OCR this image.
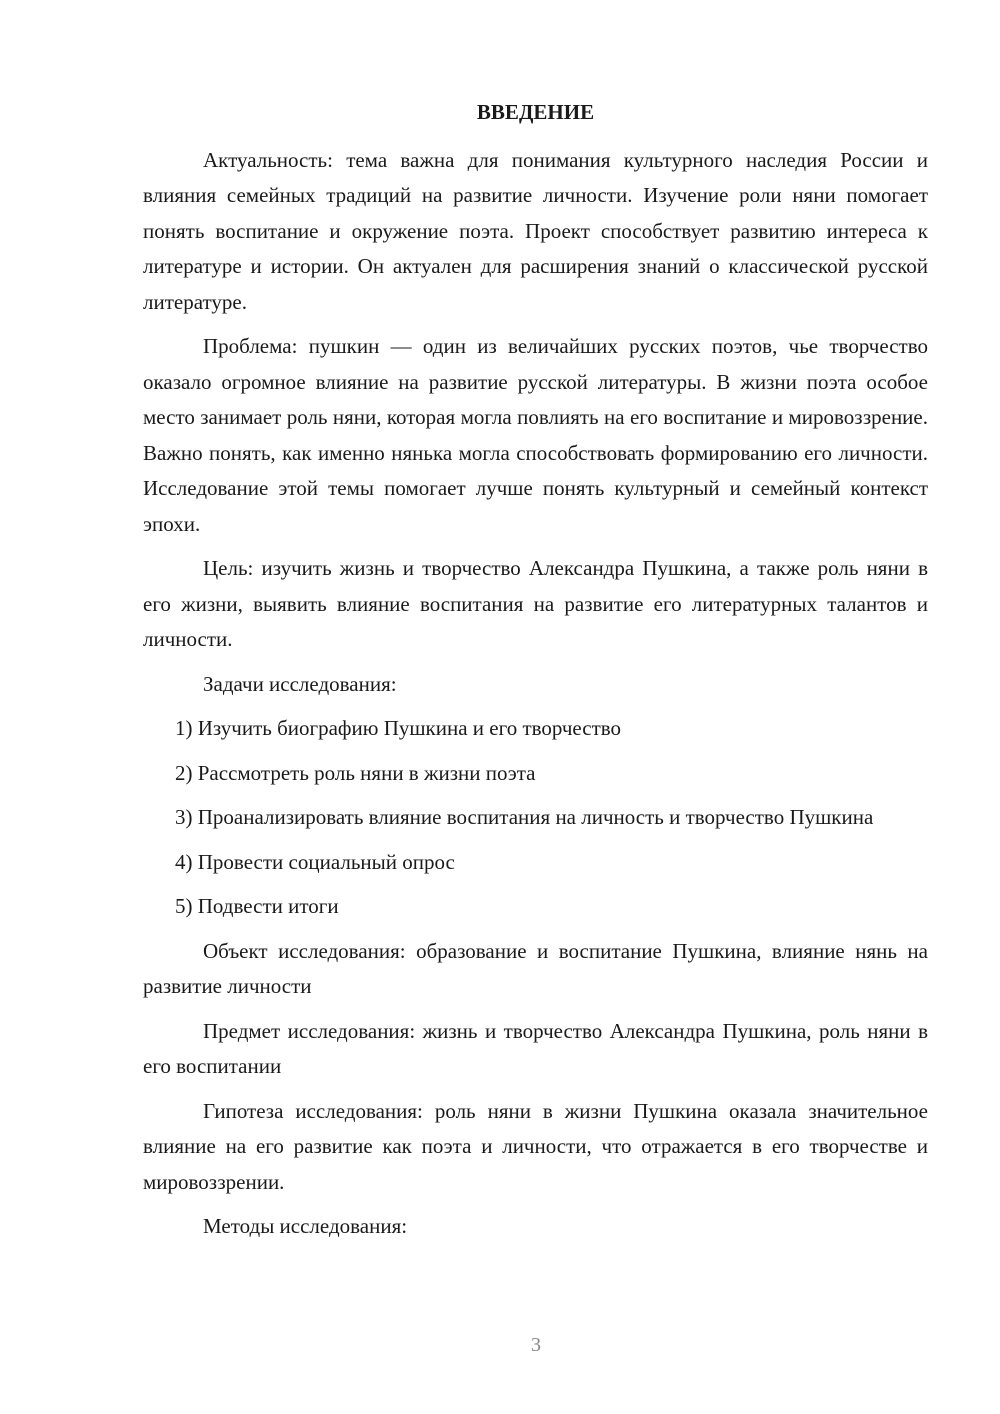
ВВЕДЕНИЕ

Актуальность: тема важна для понимания культурного наследия России и влияния семейных традиций на развитие личности. Изучение роли няни помогает понять воспитание и окружение поэта. Проект способствует развитию интереса к литературе и истории. Он актуален для расширения знаний о классической русской литературе.

Проблема: пушкин — один из величайших русских поэтов, чье творчество оказало огромное влияние на развитие русской литературы. В жизни поэта особое место занимает роль няни, которая могла повлиять на его воспитание и мировоззрение. Важно понять, как именно нянька могла способствовать формированию его личности. Исследование этой темы помогает лучше понять культурный и семейный контекст эпохи.

Цель: изучить жизнь и творчество Александра Пушкина, а также роль няни в его жизни, выявить влияние воспитания на развитие его литературных талантов и личности.

Задачи исследования:

1) Изучить биографию Пушкина и его творчество

2) Рассмотреть роль няни в жизни поэта

3) Проанализировать влияние воспитания на личность и творчество Пушкина

4) Провести социальный опрос

5) Подвести итоги

Объект исследования: образование и воспитание Пушкина, влияние нянь на развитие личности

Предмет исследования: жизнь и творчество Александра Пушкина, роль няни в его воспитании

Гипотеза исследования: роль няни в жизни Пушкина оказала значительное влияние на его развитие как поэта и личности, что отражается в его творчестве и мировоззрении.

Методы исследования:

3
